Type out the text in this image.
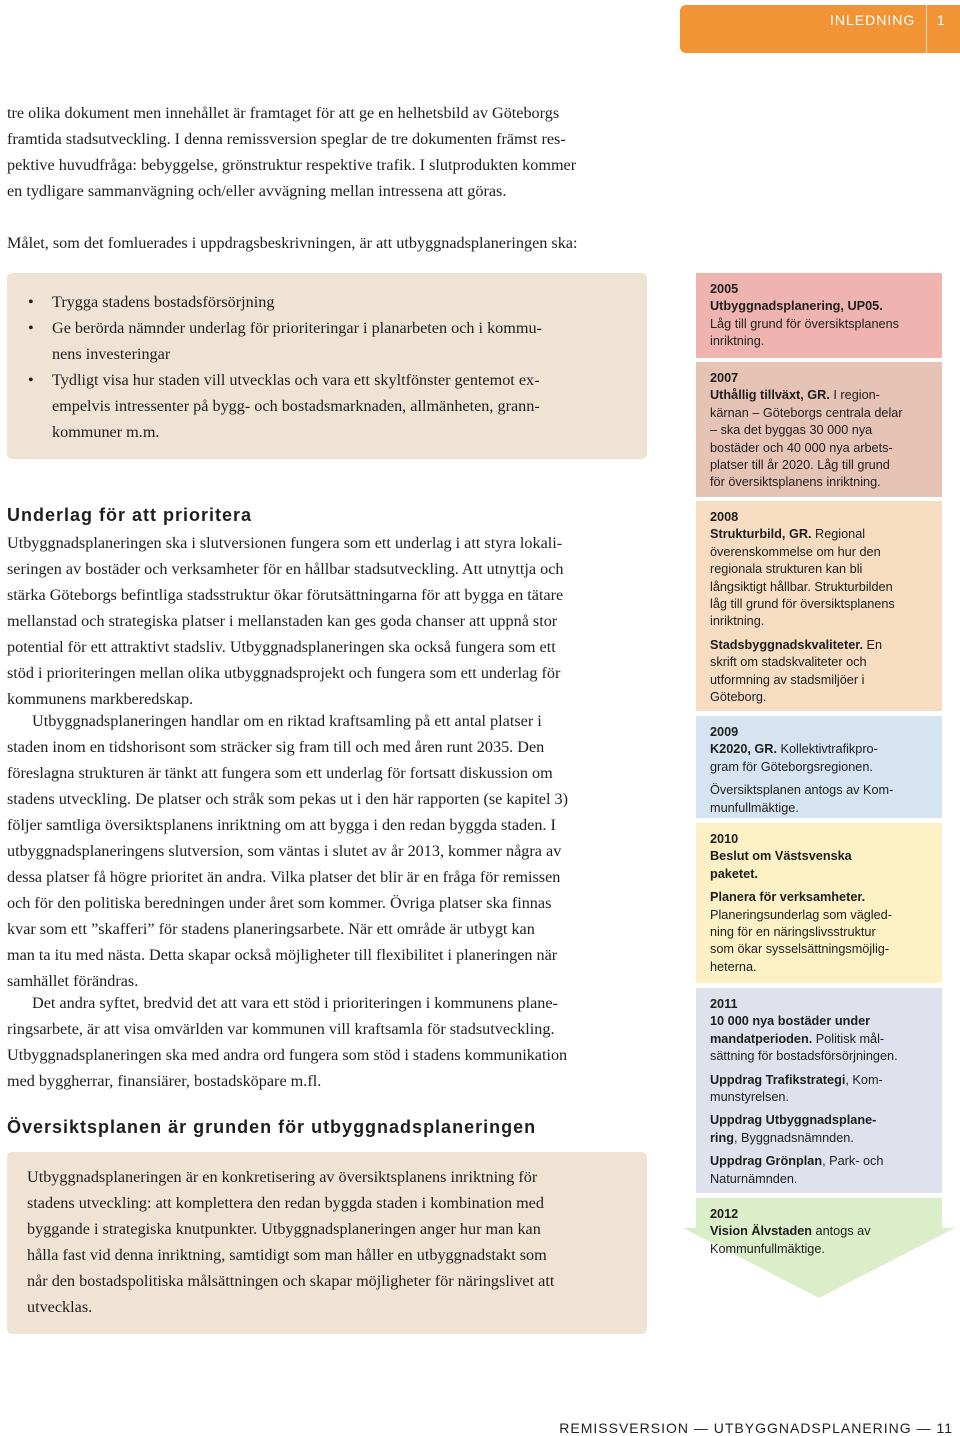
INLEDNING 1

tre olika dokument men innehållet är framtaget för att ge en helhetsbild av Göteborgs
framtida stadsutveckling. I denna remissversion speglar de tre dokumenten främst res-
pektive huvudfråga: bebyggelse, grönstruktur respektive trafik. I slutprodukten kommer
en tydligare sammanvägning och/eller avvägning mellan intressena att göras.

Målet, som det fomluerades i uppdragsbeskrivningen, är att utbyggnadsplaneringen ska:

• Trygga stadens bostadsförsörjning
• Ge berörda nämnder underlag för prioriteringar i planarbeten och i kommu-
nens investeringar
• Tydligt visa hur staden vill utvecklas och vara ett skyltfönster gentemot ex-
empelvis intressenter på bygg- och bostadsmarknaden, allmänheten, grann-
kommuner m.m.
Underlag för att prioritera

Utbyggnadsplaneringen ska i slutversionen fungera som ett underlag i att styra lokali-
seringen av bostäder och verksamheter för en hållbar stadsutveckling. Att utnyttja och
stärka Göteborgs befintliga stadsstruktur ökar förutsättningarna för att bygga en tätare
mellanstad och strategiska platser i mellanstaden kan ges goda chanser att uppnå stor
potential för ett attraktivt stadsliv. Utbyggnadsplaneringen ska också fungera som ett
stöd i prioriteringen mellan olika utbyggnadsprojekt och fungera som ett underlag för
kommunens markberedskap.

Utbyggnadsplaneringen handlar om en riktad kraftsamling på ett antal platser i
staden inom en tidshorisont som sträcker sig fram till och med åren runt 2035. Den
föreslagna strukturen är tänkt att fungera som ett underlag för fortsatt diskussion om
stadens utveckling. De platser och stråk som pekas ut i den här rapporten (se kapitel 3)
följer samtliga översiktsplanens inriktning om att bygga i den redan byggda staden. I
utbyggnadsplaneringens slutversion, som väntas i slutet av år 2013, kommer några av
dessa platser få högre prioritet än andra. Vilka platser det blir är en fråga för remissen
och för den politiska beredningen under året som kommer. Övriga platser ska finnas
kvar som ett ”skafferi” för stadens planeringsarbete. När ett område är utbygt kan
man ta itu med nästa. Detta skapar också möjligheter till flexibilitet i planeringen när
samhället förändras.

Det andra syftet, bredvid det att vara ett stöd i prioriteringen i kommunens plane-
ringsarbete, är att visa omvärlden var kommunen vill kraftsamla för stadsutveckling.
Utbyggnadsplaneringen ska med andra ord fungera som stöd i stadens kommunikation
med byggherrar, finansiärer, bostadsköpare m.fl.

Översiktsplanen är grunden för utbyggnadsplaneringen

Utbyggnadsplaneringen är en konkretisering av översiktsplanens inriktning för
stadens utveckling: att komplettera den redan byggda staden i kombination med
byggande i strategiska knutpunkter. Utbyggnadsplaneringen anger hur man kan
hålla fast vid denna inriktning, samtidigt som man håller en utbyggnadstakt som
når den bostadspolitiska målsättningen och skapar möjligheter för näringslivet att
utvecklas.

2005
Utbyggnadsplanering, UP05.
Låg till grund för översiktsplanens
inriktning.
2007
Uthållig tillväxt, GR. I region-
kärnan – Göteborgs centrala delar
– ska det byggas 30 000 nya
bostäder och 40 000 nya arbets-
platser till år 2020. Låg till grund
för översiktsplanens inriktning.
2008
Strukturbild, GR. Regional
överenskommelse om hur den
regionala strukturen kan bli
långsiktigt hållbar. Strukturbilden
låg till grund för översiktsplanens
inriktning.
Stadsbyggnadskvaliteter. En
skrift om stadskvaliteter och
utformning av stadsmiljöer i
Göteborg.
2009
K2020, GR. Kollektivtrafikpro-
gram för Göteborgsregionen.
Översiktsplanen antogs av Kom-
munfullmäktige.
2010
Beslut om Västsvenska
paketet.
Planera för verksamheter.
Planeringsunderlag som vägled-
ning för en näringslivsstruktur
som ökar sysselsättningsmöjlig-
heterna.
2011
10 000 nya bostäder under
mandatperioden. Politisk mål-
sättning för bostadsförsörjningen.
Uppdrag Trafikstrategi, Kom-
munstyrelsen.
Uppdrag Utbyggnadsplane-
ring, Byggnadsnämnden.
Uppdrag Grönplan, Park- och
Naturnämnden.
2012
Vision Älvstaden antogs av
Kommunfullmäktige.
REMISSVERSION — UTBYGGNADSPLANERING — 11
